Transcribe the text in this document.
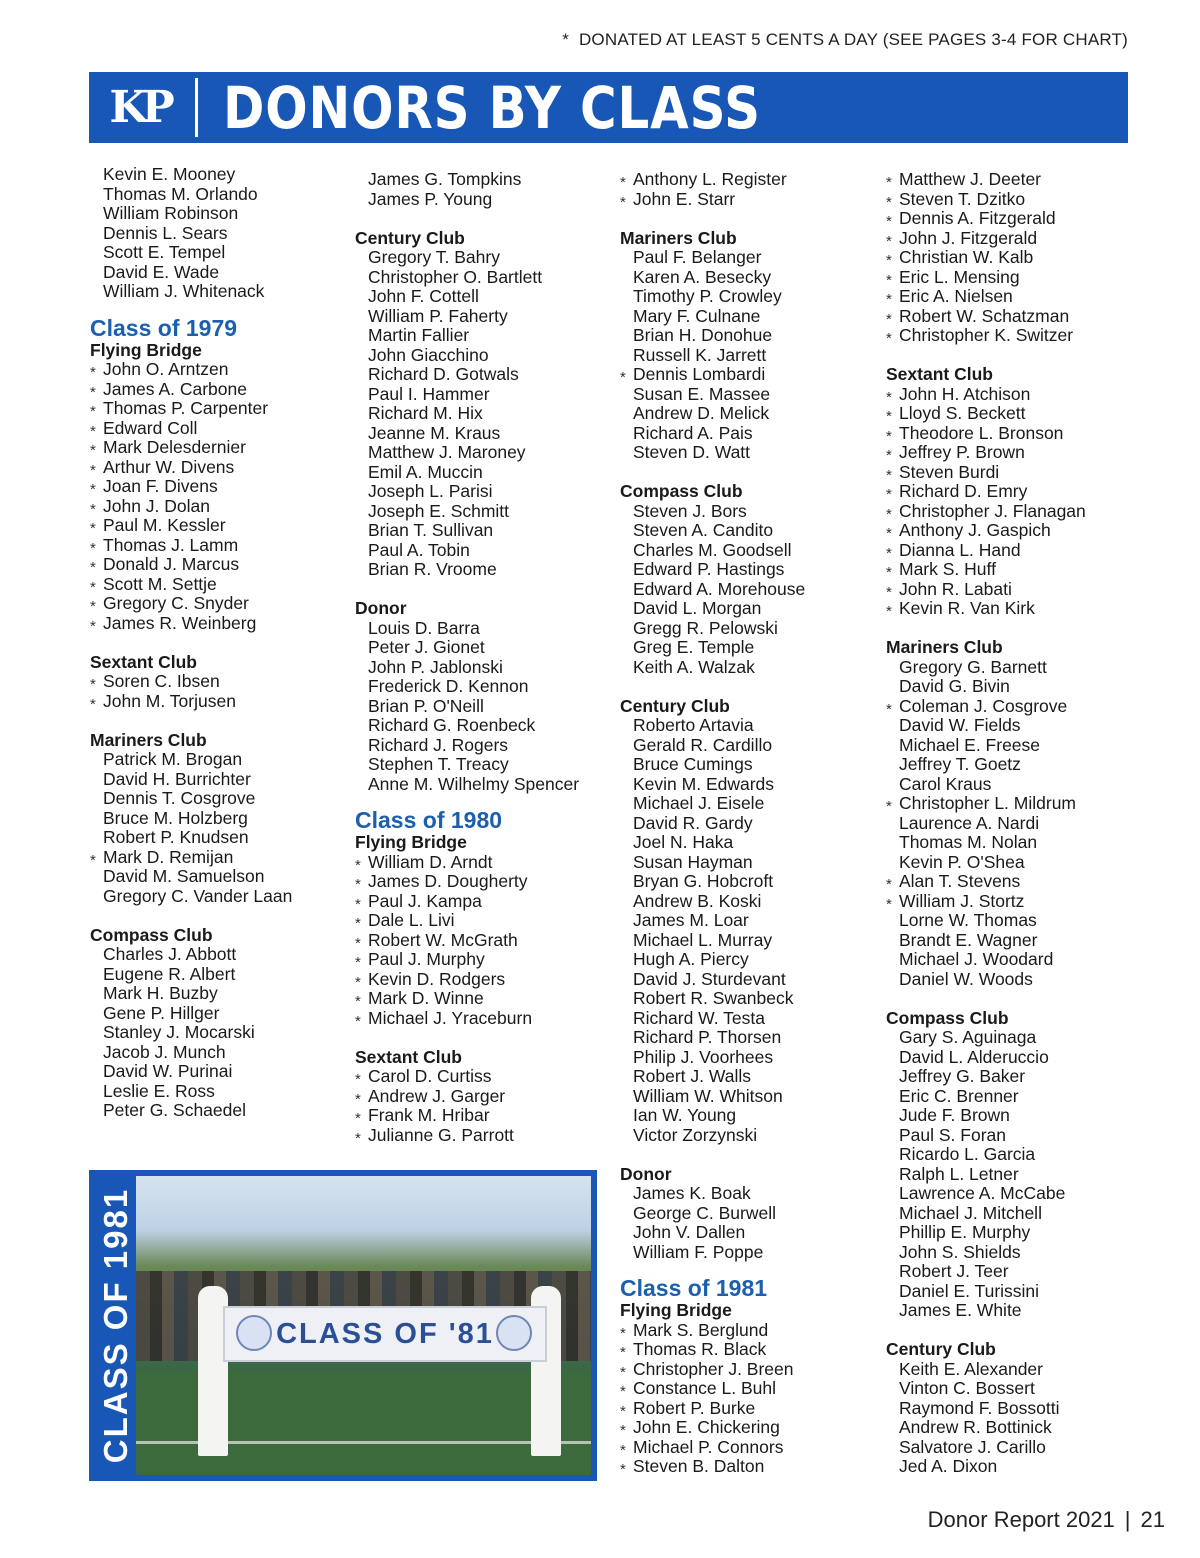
* DONATED AT LEAST 5 CENTS A DAY (SEE PAGES 3-4 FOR CHART)
KP DONORS BY CLASS
Kevin E. Mooney
Thomas M. Orlando
William Robinson
Dennis L. Sears
Scott E. Tempel
David E. Wade
William J. Whitenack
Class of 1979
Flying Bridge
* John O. Arntzen
* James A. Carbone
* Thomas P. Carpenter
* Edward Coll
* Mark Delesdernier
* Arthur W. Divens
* Joan F. Divens
* John J. Dolan
* Paul M. Kessler
* Thomas J. Lamm
* Donald J. Marcus
* Scott M. Settje
* Gregory C. Snyder
* James R. Weinberg
Sextant Club
* Soren C. Ibsen
* John M. Torjusen
Mariners Club
Patrick M. Brogan
David H. Burrichter
Dennis T. Cosgrove
Bruce M. Holzberg
Robert P. Knudsen
* Mark D. Remijan
David M. Samuelson
Gregory C. Vander Laan
Compass Club
Charles J. Abbott
Eugene R. Albert
Mark H. Buzby
Gene P. Hillger
Stanley J. Mocarski
Jacob J. Munch
David W. Purinai
Leslie E. Ross
Peter G. Schaedel
James G. Tompkins
James P. Young
Century Club
Gregory T. Bahry
Christopher O. Bartlett
John F. Cottell
William P. Faherty
Martin Fallier
John Giacchino
Richard D. Gotwals
Paul I. Hammer
Richard M. Hix
Jeanne M. Kraus
Matthew J. Maroney
Emil A. Muccin
Joseph L. Parisi
Joseph E. Schmitt
Brian T. Sullivan
Paul A. Tobin
Brian R. Vroome
Donor
Louis D. Barra
Peter J. Gionet
John P. Jablonski
Frederick D. Kennon
Brian P. O'Neill
Richard G. Roenbeck
Richard J. Rogers
Stephen T. Treacy
Anne M. Wilhelmy Spencer
Class of 1980
Flying Bridge
* William D. Arndt
* James D. Dougherty
* Paul J. Kampa
* Dale L. Livi
* Robert W. McGrath
* Paul J. Murphy
* Kevin D. Rodgers
* Mark D. Winne
* Michael J. Yraceburn
Sextant Club
* Carol D. Curtiss
* Andrew J. Garger
* Frank M. Hribar
* Julianne G. Parrott
* Anthony L. Register
* John E. Starr
Mariners Club
Paul F. Belanger
Karen A. Besecky
Timothy P. Crowley
Mary F. Culnane
Brian H. Donohue
Russell K. Jarrett
* Dennis Lombardi
Susan E. Massee
Andrew D. Melick
Richard A. Pais
Steven D. Watt
Compass Club
Steven J. Bors
Steven A. Candito
Charles M. Goodsell
Edward P. Hastings
Edward A. Morehouse
David L. Morgan
Gregg R. Pelowski
Greg E. Temple
Keith A. Walzak
Century Club
Roberto Artavia
Gerald R. Cardillo
Bruce Cumings
Kevin M. Edwards
Michael J. Eisele
David R. Gardy
Joel N. Haka
Susan Hayman
Bryan G. Hobcroft
Andrew B. Koski
James M. Loar
Michael L. Murray
Hugh A. Piercy
David J. Sturdevant
Robert R. Swanbeck
Richard W. Testa
Richard P. Thorsen
Philip J. Voorhees
Robert J. Walls
William W. Whitson
Ian W. Young
Victor Zorzynski
Donor
James K. Boak
George C. Burwell
John V. Dallen
William F. Poppe
Class of 1981
Flying Bridge
* Mark S. Berglund
* Thomas R. Black
* Christopher J. Breen
* Constance L. Buhl
* Robert P. Burke
* John E. Chickering
* Michael P. Connors
* Steven B. Dalton
* Matthew J. Deeter
* Steven T. Dzitko
* Dennis A. Fitzgerald
* John J. Fitzgerald
* Christian W. Kalb
* Eric L. Mensing
* Eric A. Nielsen
* Robert W. Schatzman
* Christopher K. Switzer
Sextant Club
* John H. Atchison
* Lloyd S. Beckett
* Theodore L. Bronson
* Jeffrey P. Brown
* Steven Burdi
* Richard D. Emry
* Christopher J. Flanagan
* Anthony J. Gaspich
* Dianna L. Hand
* Mark S. Huff
* John R. Labati
* Kevin R. Van Kirk
Mariners Club
Gregory G. Barnett
David G. Bivin
* Coleman J. Cosgrove
David W. Fields
Michael E. Freese
Jeffrey T. Goetz
Carol Kraus
* Christopher L. Mildrum
Laurence A. Nardi
Thomas M. Nolan
Kevin P. O'Shea
* Alan T. Stevens
* William J. Stortz
Lorne W. Thomas
Brandt E. Wagner
Michael J. Woodard
Daniel W. Woods
Compass Club
Gary S. Aguinaga
David L. Alderuccio
Jeffrey G. Baker
Eric C. Brenner
Jude F. Brown
Paul S. Foran
Ricardo L. Garcia
Ralph L. Letner
Lawrence A. McCabe
Michael J. Mitchell
Phillip E. Murphy
John S. Shields
Robert J. Teer
Daniel E. Turissini
James E. White
Century Club
Keith E. Alexander
Vinton C. Bossert
Raymond F. Bossotti
Andrew R. Bottinick
Salvatore J. Carillo
Jed A. Dixon
CLASS OF 1981	CLASS OF '81
Donor Report 2021 | 21
